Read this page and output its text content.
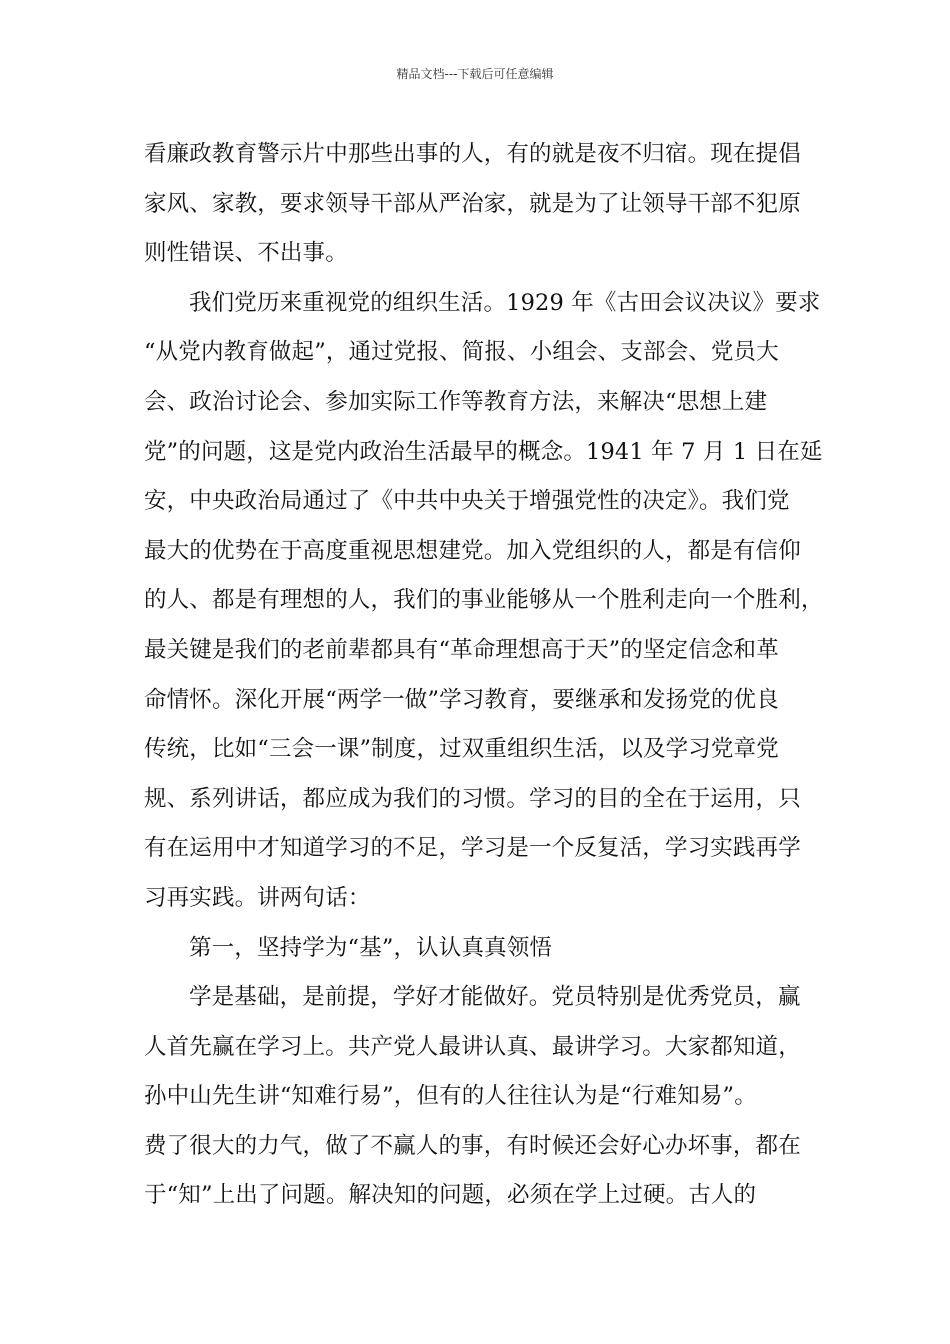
精品文档---下载后可任意编辑
看廉政教育警示片中那些出事的人，有的就是夜不归宿。现在提倡
家风、家教，要求领导干部从严治家，就是为了让领导干部不犯原
则性错误、不出事。
我们党历来重视党的组织生活。1929 年《古田会议决议》要求
“从党内教育做起”，通过党报、简报、小组会、支部会、党员大
会、政治讨论会、参加实际工作等教育方法，来解决“思想上建
党”的问题，这是党内政治生活最早的概念。1941 年 7 月 1 日在延
安，中央政治局通过了《中共中央关于增强党性的决定》。我们党
最大的优势在于高度重视思想建党。加入党组织的人，都是有信仰
的人、都是有理想的人，我们的事业能够从一个胜利走向一个胜利，
最关键是我们的老前辈都具有“革命理想高于天”的坚定信念和革
命情怀。深化开展“两学一做”学习教育，要继承和发扬党的优良
传统，比如“三会一课”制度，过双重组织生活，以及学习党章党
规、系列讲话，都应成为我们的习惯。学习的目的全在于运用，只
有在运用中才知道学习的不足，学习是一个反复活，学习实践再学
习再实践。讲两句话：
第一，坚持学为“基”，认认真真领悟
学是基础，是前提，学好才能做好。党员特别是优秀党员，赢
人首先赢在学习上。共产党人最讲认真、最讲学习。大家都知道，
孙中山先生讲“知难行易”，但有的人往往认为是“行难知易”。
费了很大的力气，做了不赢人的事，有时候还会好心办坏事，都在
于“知”上出了问题。解决知的问题，必须在学上过硬。古人的
